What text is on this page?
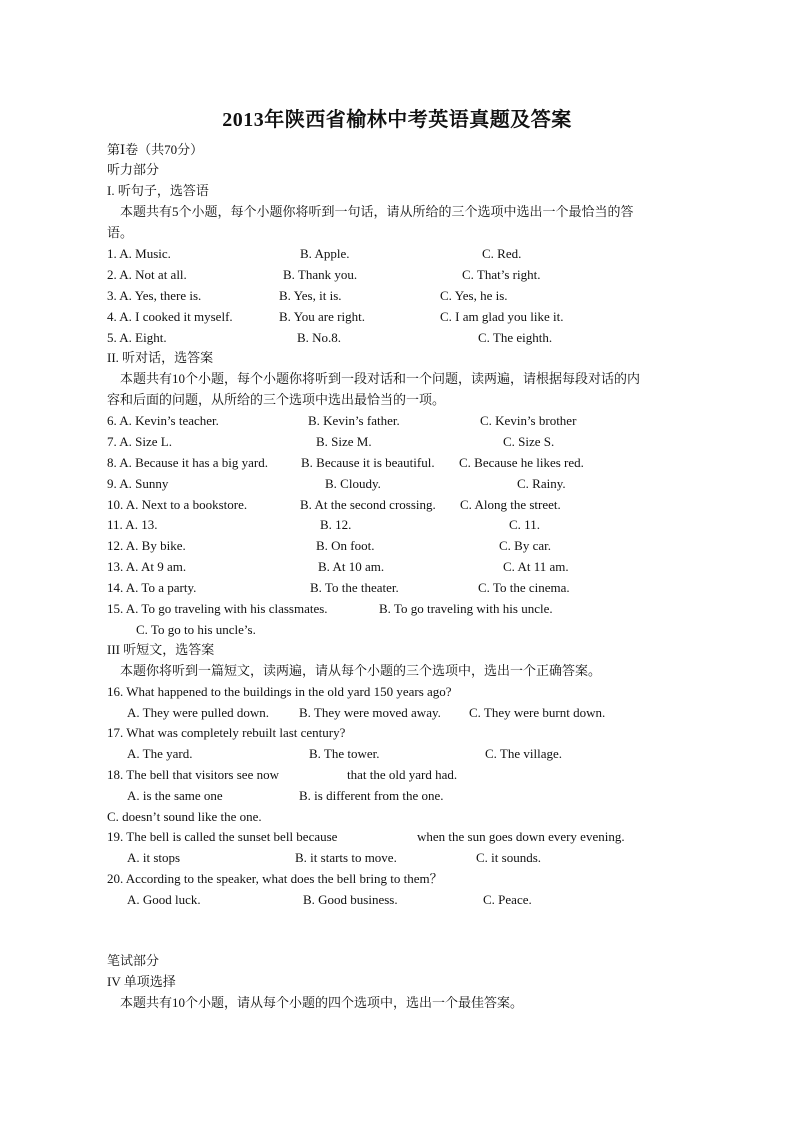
2013年陕西省榆林中考英语真题及答案
第Ⅰ卷（共70分）
听力部分
I. 听句子，选答语
本题共有5个小题，每个小题你将听到一句话，请从所给的三个选项中选出一个最恰当的答
语。
1. A. Music.	B. Apple.	C. Red.
2. A. Not at all.	B. Thank you.	C. That’s right.
3. A. Yes, there is.	B. Yes, it is.	C. Yes, he is.
4. A. I cooked it myself.	B. You are right.	C. I am glad you like it.
5. A. Eight.	B. No.8.	C. The eighth.
II. 听对话，选答案
本题共有10个小题，每个小题你将听到一段对话和一个问题，读两遍，请根据每段对话的内
容和后面的问题，从所给的三个选项中选出最恰当的一项。
6. A. Kevin’s teacher.	B. Kevin’s father.	C. Kevin’s brother
7. A. Size L.	B. Size M.	C. Size S.
8. A. Because it has a big yard.	B. Because it is beautiful. C. Because he likes red.
9. A. Sunny	B. Cloudy.	C. Rainy.
10. A. Next to a bookstore.	B. At the second crossing. C. Along the street.
11. A. 13.	B. 12.	C. 11.
12. A. By bike.	B. On foot.	C. By car.
13. A. At 9 am.	B. At 10 am.	C. At 11 am.
14. A. To a party.	B. To the theater.	C. To the cinema.
15. A. To go traveling with his classmates.	B. To go traveling with his uncle.
C. To go to his uncle’s.
III 听短文，选答案
本题你将听到一篇短文，读两遍，请从每个小题的三个选项中，选出一个正确答案。
16. What happened to the buildings in the old yard 150 years ago?
A. They were pulled down. B. They were moved away. C. They were burnt down.
17. What was completely rebuilt last century?
A. The yard.	B. The tower.	C. The village.
18. The bell that visitors see now	that the old yard had.
A. is the same one	B. is different from the one.
C. doesn’t sound like the one.
19. The bell is called the sunset bell because	when the sun goes down every evening.
A. it stops	B. it starts to move.	C. it sounds.
20. According to the speaker, what does the bell bring to them？
A. Good luck.	B. Good business.	C. Peace.
笔试部分
IV 单项选择
本题共有10个小题，请从每个小题的四个选项中，选出一个最佳答案。
